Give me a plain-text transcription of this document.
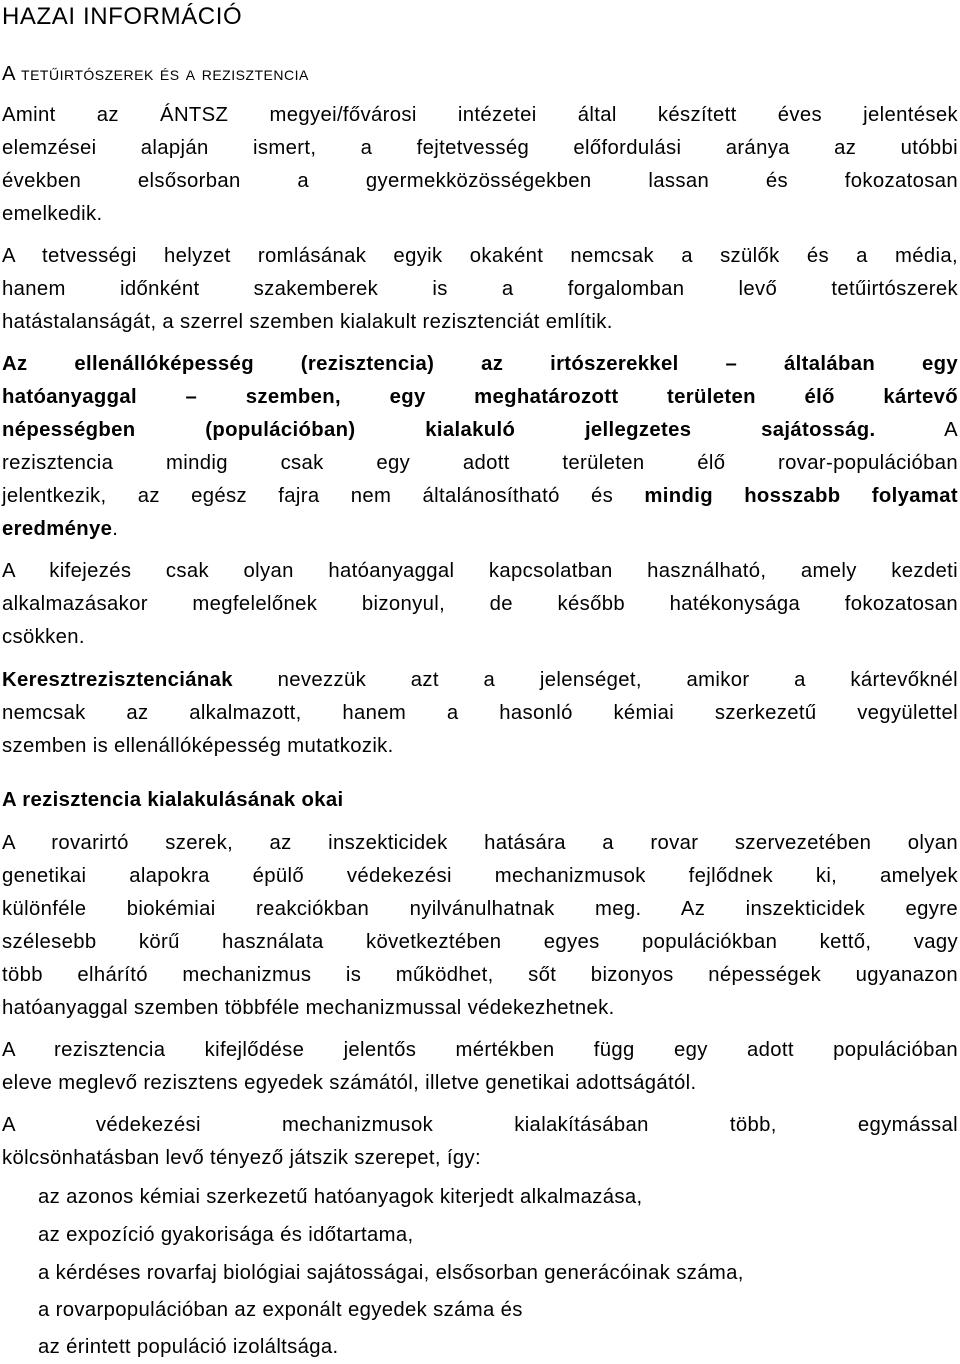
HAZAI INFORMÁCIÓ
A tetűirtószerek és a rezisztencia
Amint az ÁNTSZ megyei/fővárosi intézetei által készített éves jelentések
elemzései alapján ismert, a fejtetvesség előfordulási aránya az utóbbi
években elsősorban a gyermekközösségekben lassan és fokozatosan
emelkedik.
A tetvességi helyzet romlásának egyik okaként nemcsak a szülők és a média,
hanem időnként szakemberek is a forgalomban levő tetűirtószerek
hatástalanságát, a szerrel szemben kialakult rezisztenciát említik.
Az ellenállóképesség (rezisztencia) az irtószerekkel – általában egy
hatóanyaggal – szemben, egy meghatározott területen élő kártevő
népességben (populációban) kialakuló jellegzetes sajátosság. A
rezisztencia mindig csak egy adott területen élő rovar-populációban
jelentkezik, az egész fajra nem általánosítható és mindig hosszabb folyamat
eredménye.
A kifejezés csak olyan hatóanyaggal kapcsolatban használható, amely kezdeti
alkalmazásakor megfelelőnek bizonyul, de később hatékonysága fokozatosan
csökken.
Keresztrezisztenciának nevezzük azt a jelenséget, amikor a kártevőknél
nemcsak az alkalmazott, hanem a hasonló kémiai szerkezetű vegyülettel
szemben is ellenállóképesség mutatkozik.
A rezisztencia kialakulásának okai
A rovarirtó szerek, az inszekticidek hatására a rovar szervezetében olyan
genetikai alapokra épülő védekezési mechanizmusok fejlődnek ki, amelyek
különféle biokémiai reakciókban nyilvánulhatnak meg. Az inszekticidek egyre
szélesebb körű használata következtében egyes populációkban kettő, vagy
több elhárító mechanizmus is működhet, sőt bizonyos népességek ugyanazon
hatóanyaggal szemben többféle mechanizmussal védekezhetnek.
A rezisztencia kifejlődése jelentős mértékben függ egy adott populációban
eleve meglevő rezisztens egyedek számától, illetve genetikai adottságától.
A védekezési mechanizmusok kialakításában több, egymással
kölcsönhatásban levő tényező játszik szerepet, így:
az azonos kémiai szerkezetű hatóanyagok kiterjedt alkalmazása,
az expozíció gyakorisága és időtartama,
a kérdéses rovarfaj biológiai sajátosságai, elsősorban generácóinak száma,
a rovarpopulációban az exponált egyedek száma és
az érintett populáció izoláltsága.
